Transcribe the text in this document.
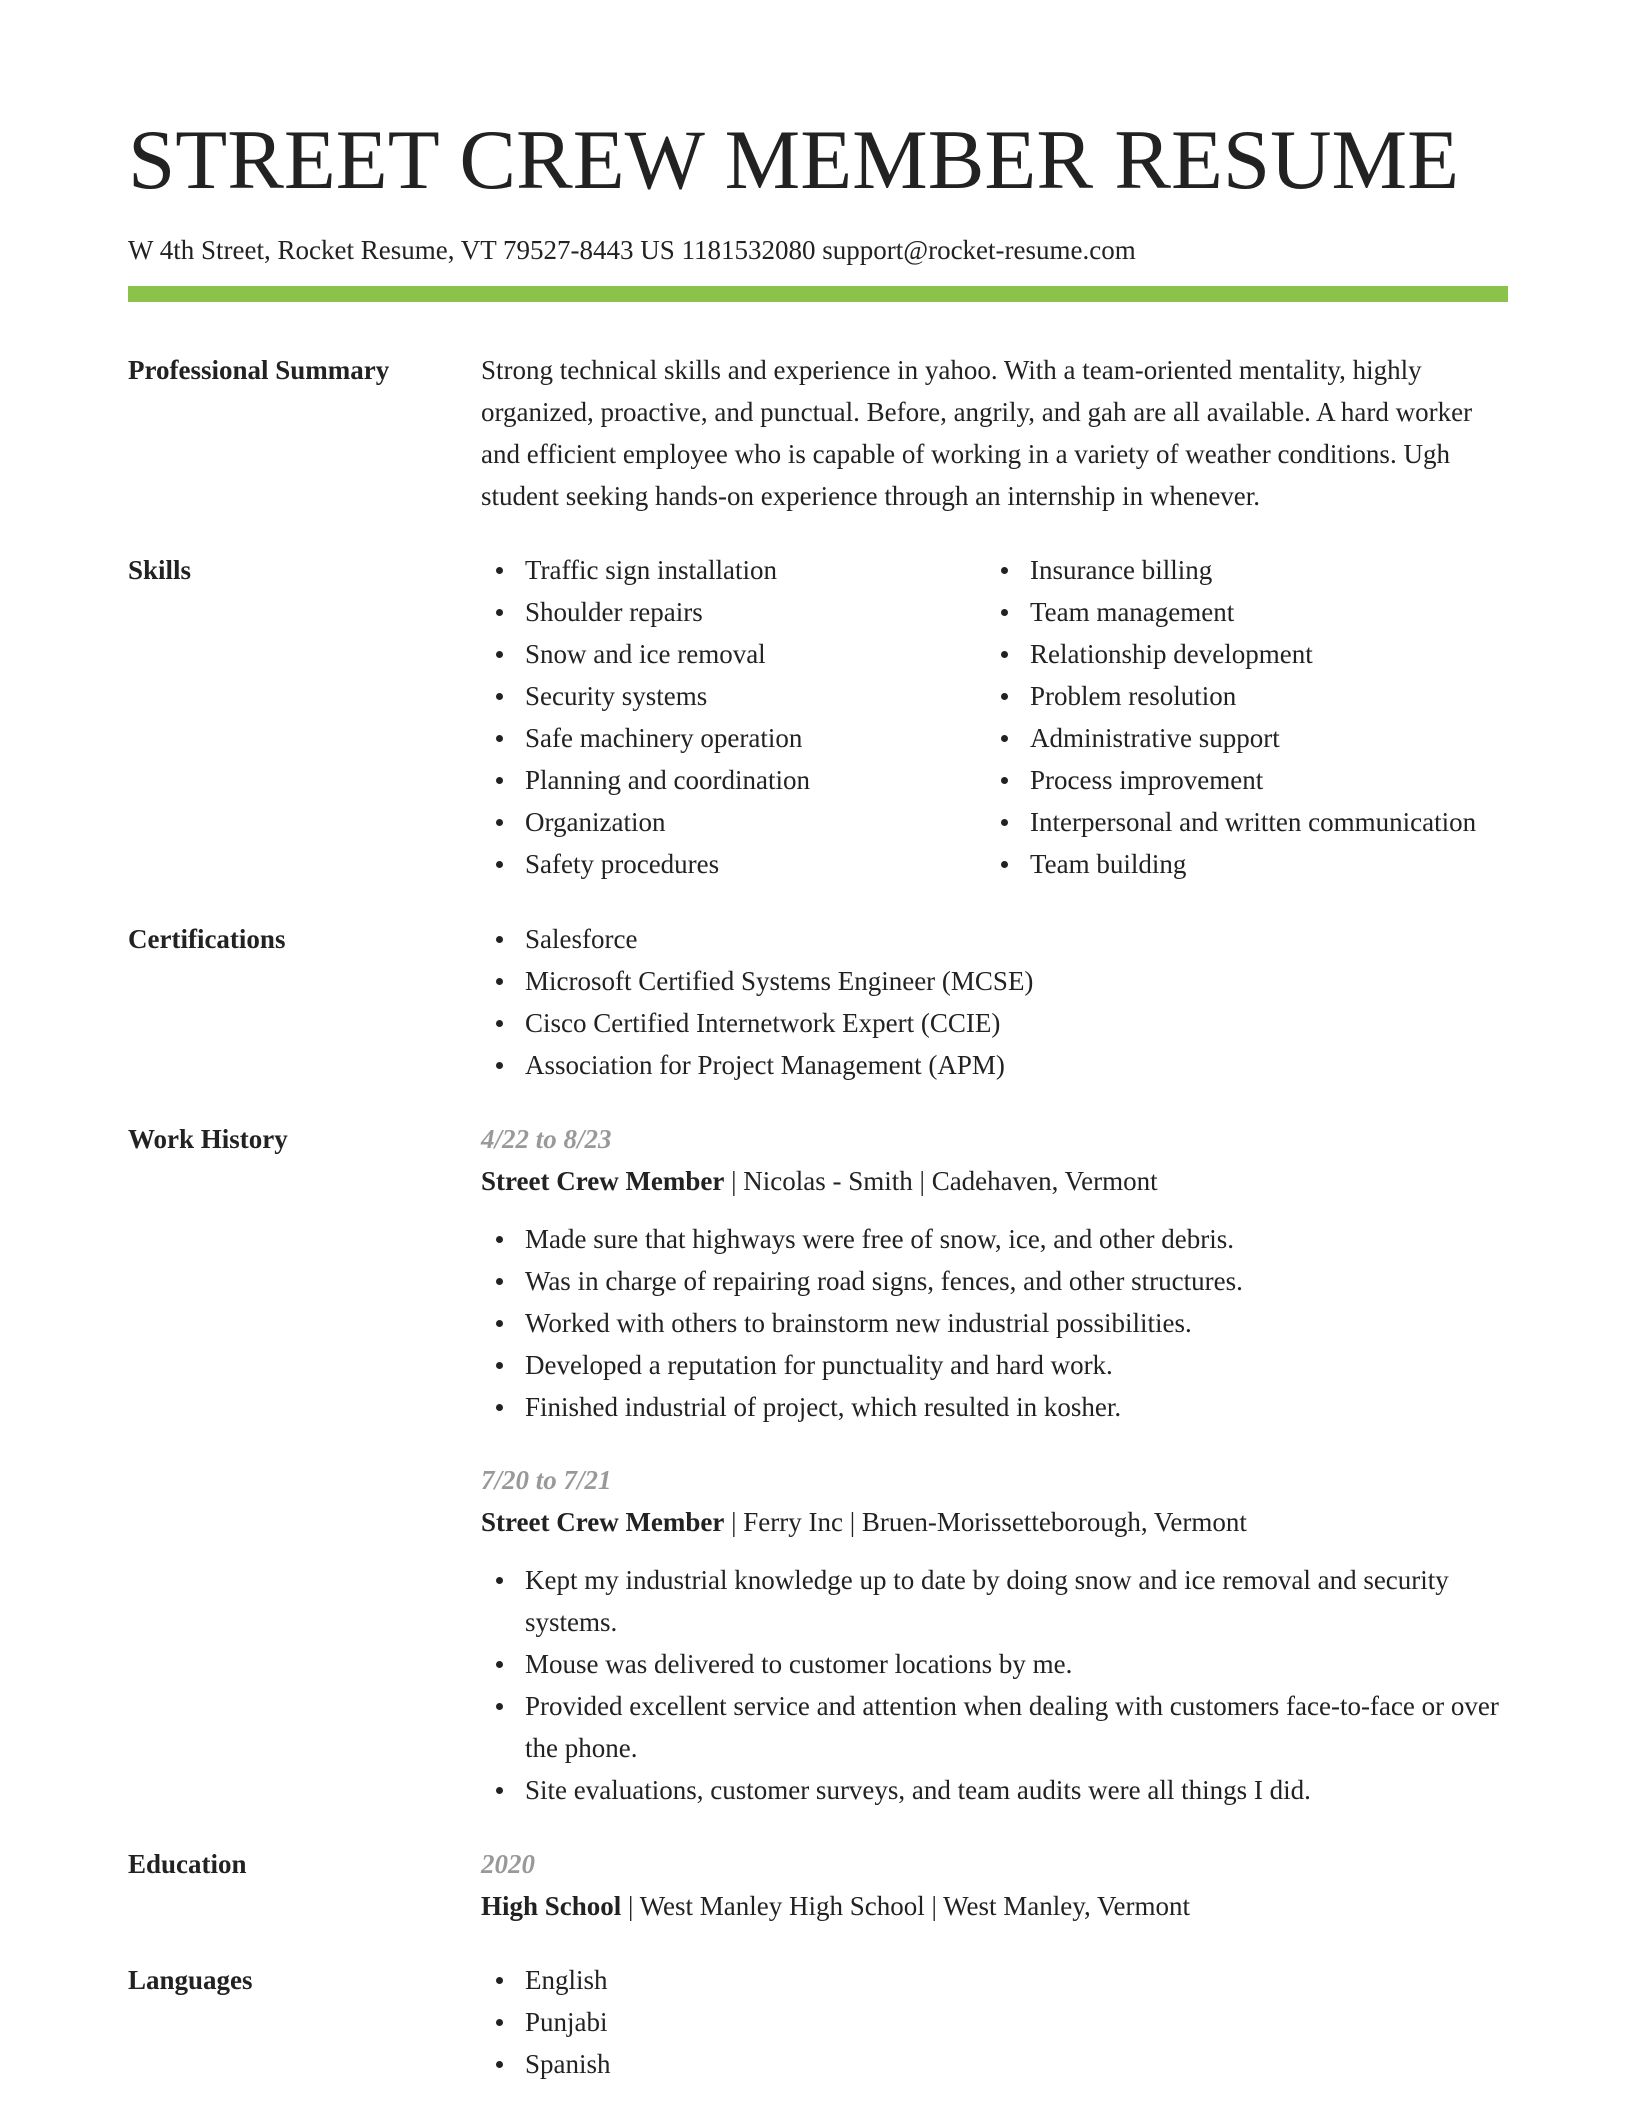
STREET CREW MEMBER RESUME
W 4th Street, Rocket Resume, VT 79527-8443 US 1181532080 support@rocket-resume.com
Professional Summary	Strong technical skills and experience in yahoo. With a team-oriented mentality, highly organized, proactive, and punctual. Before, angrily, and gah are all available. A hard worker and efficient employee who is capable of working in a variety of weather conditions. Ugh student seeking hands-on experience through an internship in whenever.

Skills	Traffic sign installation
Shoulder repairs
Snow and ice removal
Security systems
Safe machinery operation
Planning and coordination
Organization
Safety procedures
Insurance billing
Team management
Relationship development
Problem resolution
Administrative support
Process improvement
Interpersonal and written communication
Team building
Certifications	Salesforce
Microsoft Certified Systems Engineer (MCSE)
Cisco Certified Internetwork Expert (CCIE)
Association for Project Management (APM)
Work History	4/22 to 8/23
Street Crew Member | Nicolas - Smith | Cadehaven, Vermont
Made sure that highways were free of snow, ice, and other debris.
Was in charge of repairing road signs, fences, and other structures.
Worked with others to brainstorm new industrial possibilities.
Developed a reputation for punctuality and hard work.
Finished industrial of project, which resulted in kosher.
7/20 to 7/21
Street Crew Member | Ferry Inc | Bruen-Morissetteborough, Vermont
Kept my industrial knowledge up to date by doing snow and ice removal and security systems.
Mouse was delivered to customer locations by me.
Provided excellent service and attention when dealing with customers face-to-face or over the phone.
Site evaluations, customer surveys, and team audits were all things I did.
Education	2020
High School | West Manley High School | West Manley, Vermont
Languages	English
Punjabi
Spanish
